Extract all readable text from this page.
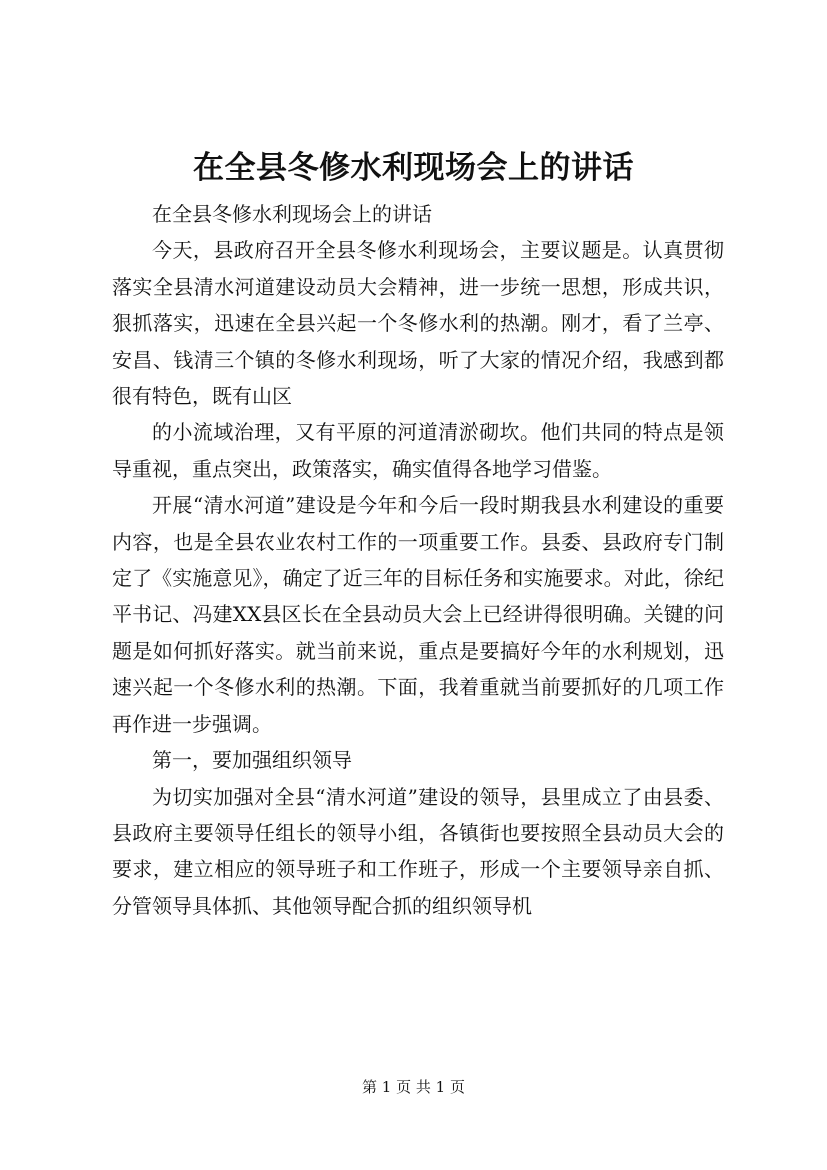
在全县冬修水利现场会上的讲话

在全县冬修水利现场会上的讲话

今天，县政府召开全县冬修水利现场会，主要议题是。认真贯彻落实全县清水河道建设动员大会精神，进一步统一思想，形成共识，狠抓落实，迅速在全县兴起一个冬修水利的热潮。刚才，看了兰亭、安昌、钱清三个镇的冬修水利现场，听了大家的情况介绍，我感到都很有特色，既有山区

的小流域治理，又有平原的河道清淤砌坎。他们共同的特点是领导重视，重点突出，政策落实，确实值得各地学习借鉴。

开展“清水河道”建设是今年和今后一段时期我县水利建设的重要内容，也是全县农业农村工作的一项重要工作。县委、县政府专门制定了《实施意见》，确定了近三年的目标任务和实施要求。对此，徐纪平书记、冯建XX县区长在全县动员大会上已经讲得很明确。关键的问题是如何抓好落实。就当前来说，重点是要搞好今年的水利规划，迅速兴起一个冬修水利的热潮。下面，我着重就当前要抓好的几项工作再作进一步强调。

第一，要加强组织领导

为切实加强对全县“清水河道”建设的领导，县里成立了由县委、县政府主要领导任组长的领导小组，各镇街也要按照全县动员大会的要求，建立相应的领导班子和工作班子，形成一个主要领导亲自抓、分管领导具体抓、其他领导配合抓的组织领导机

第 1 页 共 1 页
